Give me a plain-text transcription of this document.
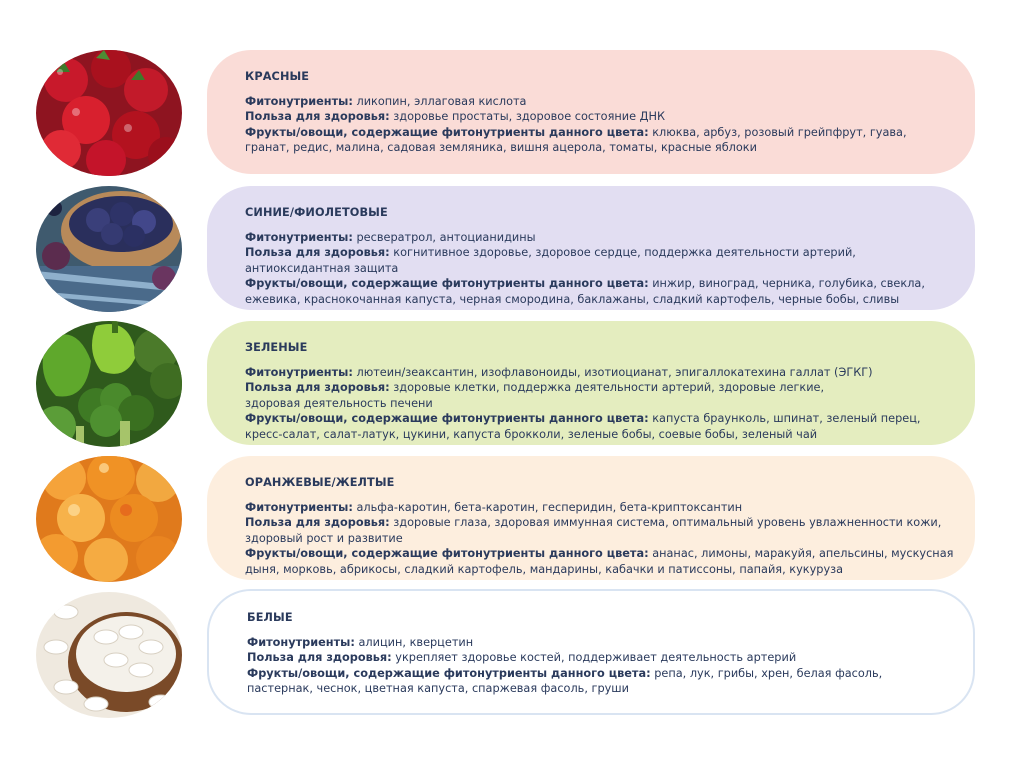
КРАСНЫЕ

Фитонутриенты: ликопин, эллаговая кислота

Польза для здоровья: здоровье простаты, здоровое состояние ДНК

Фрукты/овощи, содержащие фитонутриенты данного цвета: клюква, арбуз, розовый грейпфрут, гуава, гранат, редис, малина, садовая земляника, вишня ацерола, томаты, красные яблоки

СИНИЕ/ФИОЛЕТОВЫЕ

Фитонутриенты: ресвератрол, антоцианидины

Польза для здоровья: когнитивное здоровье, здоровое сердце, поддержка деятельности артерий, антиоксидантная защита

Фрукты/овощи, содержащие фитонутриенты данного цвета: инжир, виноград, черника, голубика, свекла, ежевика, краснокочанная капуста, черная смородина, баклажаны, сладкий картофель, черные бобы, сливы

ЗЕЛЕНЫЕ

Фитонутриенты: лютеин/зеаксантин, изофлавоноиды, изотиоцианат, эпигаллокатехина галлат (ЭГКГ)

Польза для здоровья: здоровые клетки, поддержка деятельности артерий, здоровые легкие, здоровая деятельность печени

Фрукты/овощи, содержащие фитонутриенты данного цвета: капуста браунколь, шпинат, зеленый перец, кресс-салат, салат-латук, цукини, капуста брокколи, зеленые бобы, соевые бобы, зеленый чай

ОРАНЖЕВЫЕ/ЖЕЛТЫЕ

Фитонутриенты: альфа-каротин, бета-каротин, гесперидин, бета-криптоксантин

Польза для здоровья: здоровые глаза, здоровая иммунная система, оптимальный уровень увлажненности кожи, здоровый рост и развитие

Фрукты/овощи, содержащие фитонутриенты данного цвета: ананас, лимоны, маракуйя, апельсины, мускусная дыня, морковь, абрикосы, сладкий картофель, мандарины, кабачки и патиссоны, папайя, кукуруза

БЕЛЫЕ

Фитонутриенты: алицин, кверцетин

Польза для здоровья: укрепляет здоровье костей, поддерживает деятельность артерий

Фрукты/овощи, содержащие фитонутриенты данного цвета: репа, лук, грибы, хрен, белая фасоль, пастернак, чеснок, цветная капуста, спаржевая фасоль, груши
